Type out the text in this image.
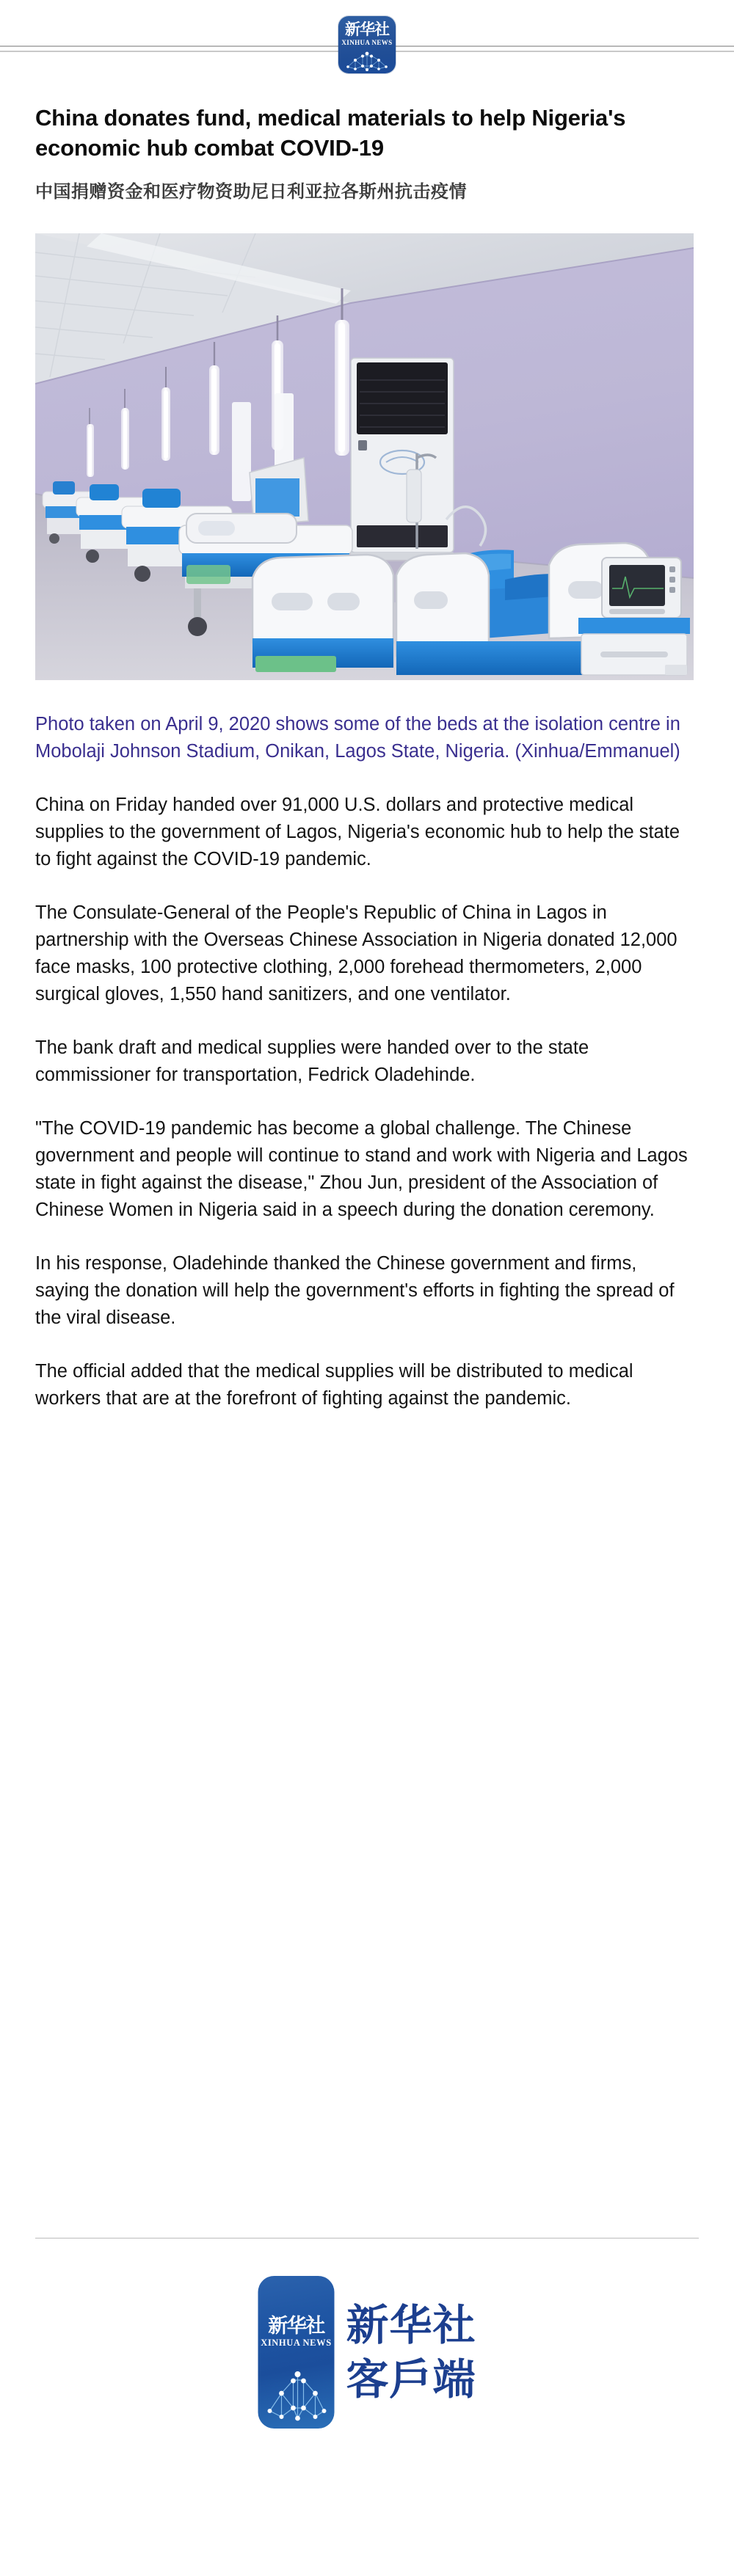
新华社
XINHUA NEWS
China donates fund, medical materials to help Nigeria's economic hub combat COVID-19
中国捐赠资金和医疗物资助尼日利亚拉各斯州抗击疫情

Photo taken on April 9, 2020 shows some of the beds at the isolation centre in Mobolaji Johnson Stadium, Onikan, Lagos State, Nigeria. (Xinhua/Emmanuel)

China on Friday handed over 91,000 U.S. dollars and protective medical supplies to the government of Lagos, Nigeria's economic hub to help the state to fight against the COVID-19 pandemic.

The Consulate-General of the People's Republic of China in Lagos in partnership with the Overseas Chinese Association in Nigeria donated 12,000 face masks, 100 protective clothing, 2,000 forehead thermometers, 2,000 surgical gloves, 1,550 hand sanitizers, and one ventilator.

The bank draft and medical supplies were handed over to the state commissioner for transportation, Fedrick Oladehinde.

"The COVID-19 pandemic has become a global challenge. The Chinese government and people will continue to stand and work with Nigeria and Lagos state in fight against the disease," Zhou Jun, president of the Association of Chinese Women in Nigeria said in a speech during the donation ceremony.

In his response, Oladehinde thanked the Chinese government and firms, saying the donation will help the government's efforts in fighting the spread of the viral disease.

The official added that the medical supplies will be distributed to medical workers that are at the forefront of fighting against the pandemic.

新华社
XINHUA NEWS 新华社
客戶端
